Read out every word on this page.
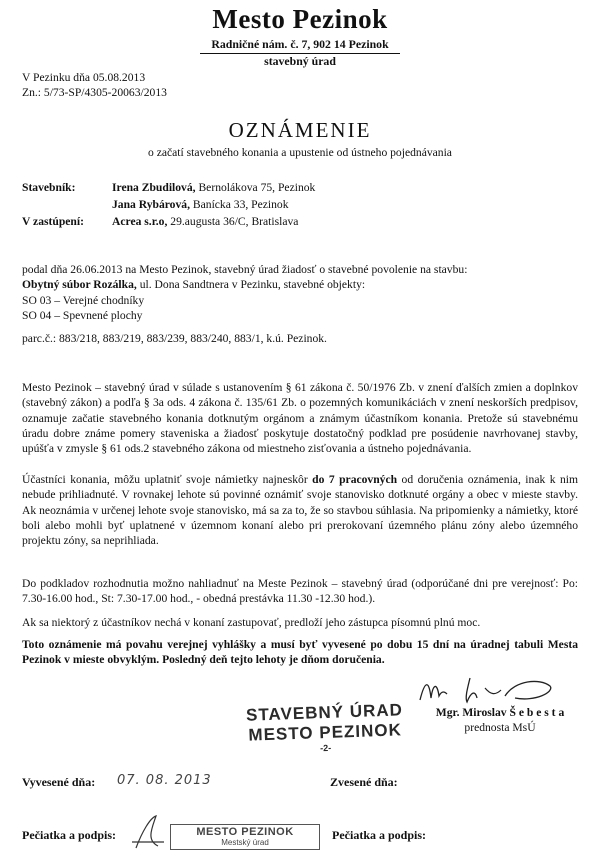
Mesto Pezinok
Radničné nám. č. 7, 902 14 Pezinok
stavebný úrad
V Pezinku dňa 05.08.2013
Zn.: 5/73-SP/4305-20063/2013
OZNÁMENIE
o začatí stavebného konania a upustenie od ústneho pojednávania
Stavebník:	Irena Zbudilová, Bernolákova 75, Pezinok
Jana Rybárová, Banícka 33, Pezinok
V zastúpení:	Acrea s.r.o, 29.augusta 36/C, Bratislava

podal dňa 26.06.2013 na Mesto Pezinok, stavebný úrad žiadosť o stavebné povolenie na stavbu:

Obytný súbor Rozálka, ul. Dona Sandtnera v Pezinku, stavebné objekty:

SO 03 – Verejné chodníky

SO 04 – Spevnené plochy

parc.č.: 883/218, 883/219, 883/239, 883/240, 883/1, k.ú. Pezinok.

Mesto Pezinok – stavebný úrad v súlade s ustanovením § 61 zákona č. 50/1976 Zb. v znení ďalších zmien a doplnkov (stavebný zákon) a podľa § 3a ods. 4 zákona č. 135/61 Zb. o pozemných komunikáciách v znení neskorších predpisov, oznamuje začatie stavebného konania dotknutým orgánom a známym účastníkom konania. Pretože sú stavebnému úradu dobre známe pomery staveniska a žiadosť poskytuje dostatočný podklad pre posúdenie navrhovanej stavby, upúšťa v zmysle § 61 ods.2 stavebného zákona od miestneho zisťovania a ústneho pojednávania.

Účastníci konania, môžu uplatniť svoje námietky najneskôr do 7 pracovných od doručenia oznámenia, inak k nim nebude prihliadnuté. V rovnakej lehote sú povinné oznámiť svoje stanovisko dotknuté orgány a obec v mieste stavby. Ak neoznámia v určenej lehote svoje stanovisko, má sa za to, že so stavbou súhlasia. Na pripomienky a námietky, ktoré boli alebo mohli byť uplatnené v územnom konaní alebo pri prerokovaní územného plánu zóny alebo územného projektu zóny, sa neprihliada.

Do podkladov rozhodnutia možno nahliadnuť na Meste Pezinok – stavebný úrad (odporúčané dni pre verejnosť: Po: 7.30-16.00 hod., St: 7.30-17.00 hod., - obedná prestávka 11.30 -12.30 hod.).

Ak sa niektorý z účastníkov nechá v konaní zastupovať, predloží jeho zástupca písomnú plnú moc.

Toto oznámenie má povahu verejnej vyhlášky a musí byť vyvesené po dobu 15 dní na úradnej tabuli Mesta Pezinok v mieste obvyklým. Posledný deň tejto lehoty je dňom doručenia.

STAVEBNÝ ÚRAD
MESTO PEZINOK
-2-
Mgr. Miroslav Š e b e s t a
prednosta MsÚ
Vyvesené dňa: 07. 08. 2013	Zvesené dňa:
Pečiatka a podpis:	MESTO PEZINOK
Mestský úrad
Pečiatka a podpis:
